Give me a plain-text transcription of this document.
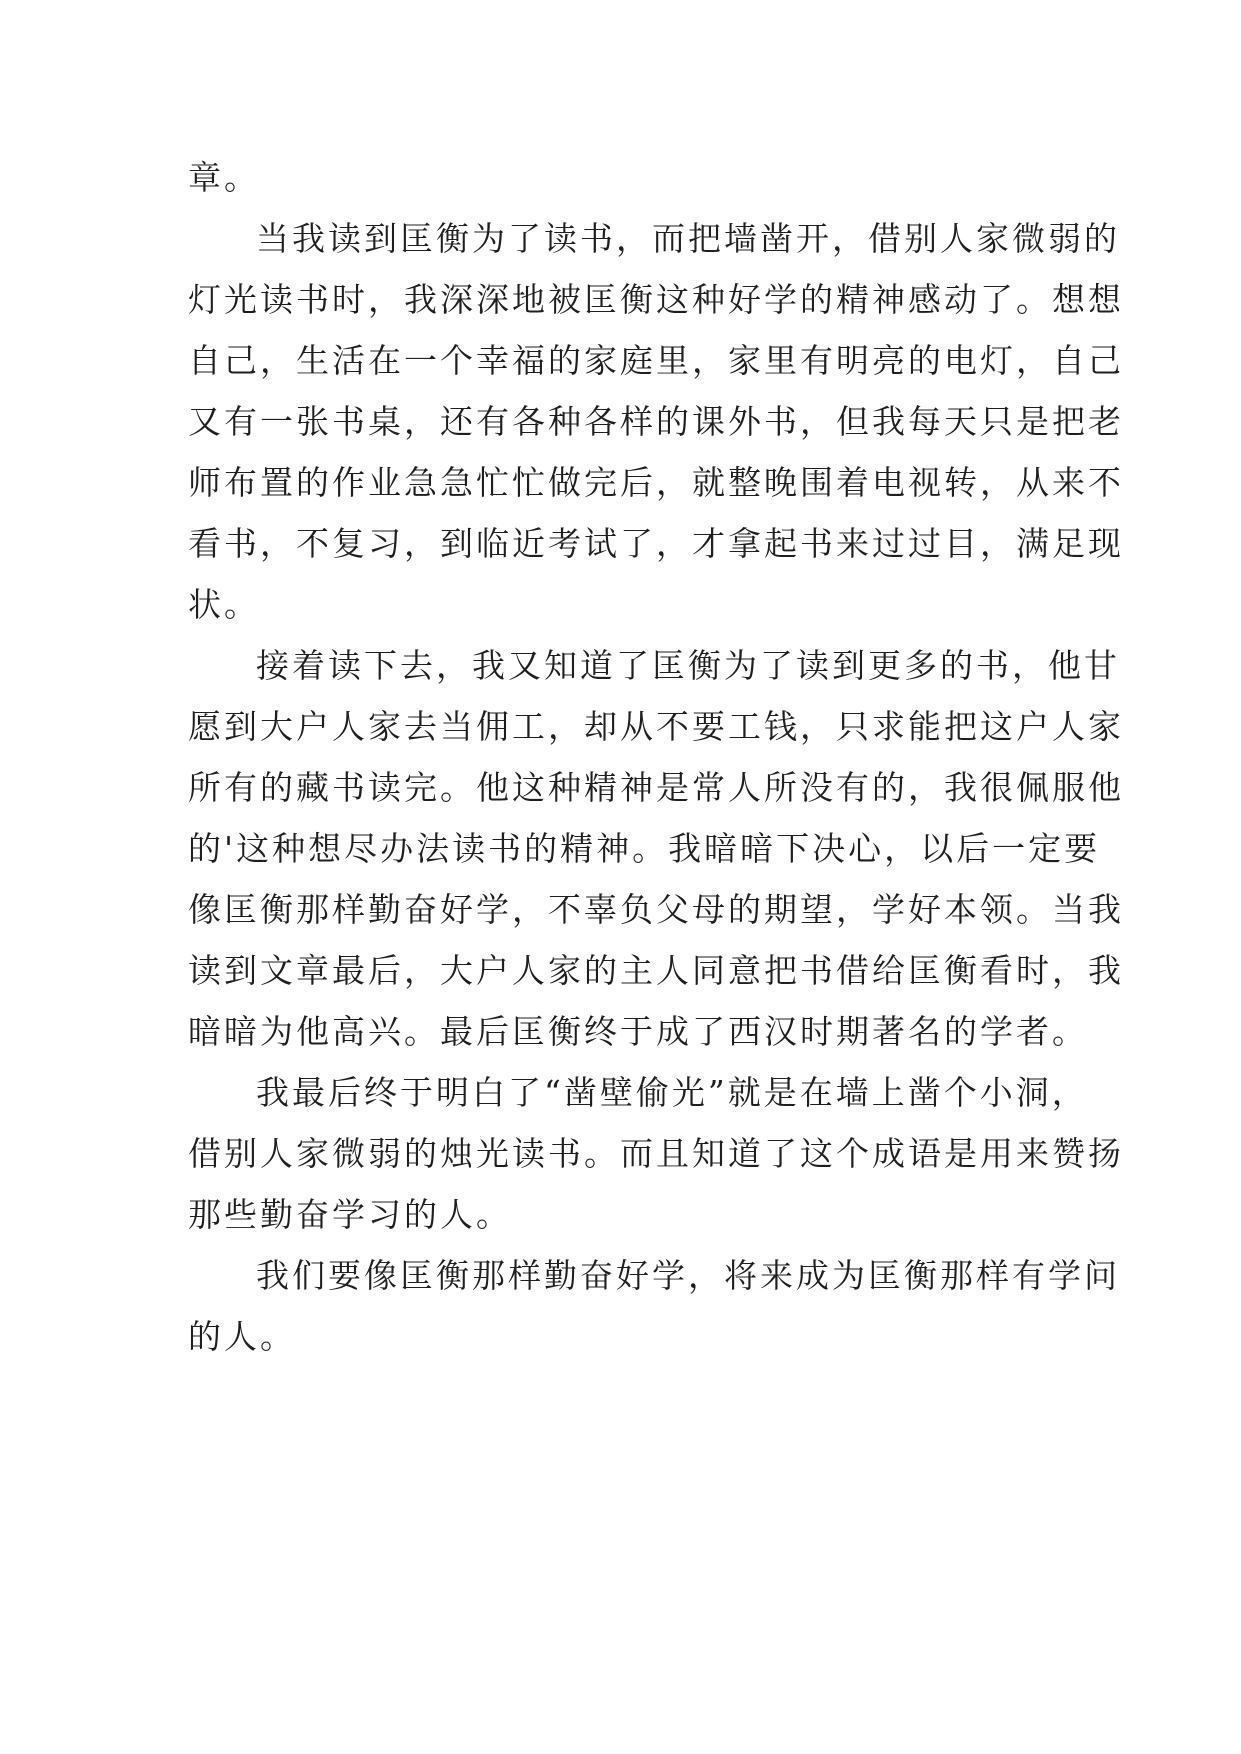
章。
当我读到匡衡为了读书，而把墙凿开，借别人家微弱的
灯光读书时，我深深地被匡衡这种好学的精神感动了。想想
自己，生活在一个幸福的家庭里，家里有明亮的电灯，自己
又有一张书桌，还有各种各样的课外书，但我每天只是把老
师布置的作业急急忙忙做完后，就整晚围着电视转，从来不
看书，不复习，到临近考试了，才拿起书来过过目，满足现
状。
接着读下去，我又知道了匡衡为了读到更多的书，他甘
愿到大户人家去当佣工，却从不要工钱，只求能把这户人家
所有的藏书读完。他这种精神是常人所没有的，我很佩服他
的'这种想尽办法读书的精神。我暗暗下决心，以后一定要
像匡衡那样勤奋好学，不辜负父母的期望，学好本领。当我
读到文章最后，大户人家的主人同意把书借给匡衡看时，我
暗暗为他高兴。最后匡衡终于成了西汉时期著名的学者。
我最后终于明白了“凿壁偷光”就是在墙上凿个小洞，
借别人家微弱的烛光读书。而且知道了这个成语是用来赞扬
那些勤奋学习的人。
我们要像匡衡那样勤奋好学，将来成为匡衡那样有学问
的人。
